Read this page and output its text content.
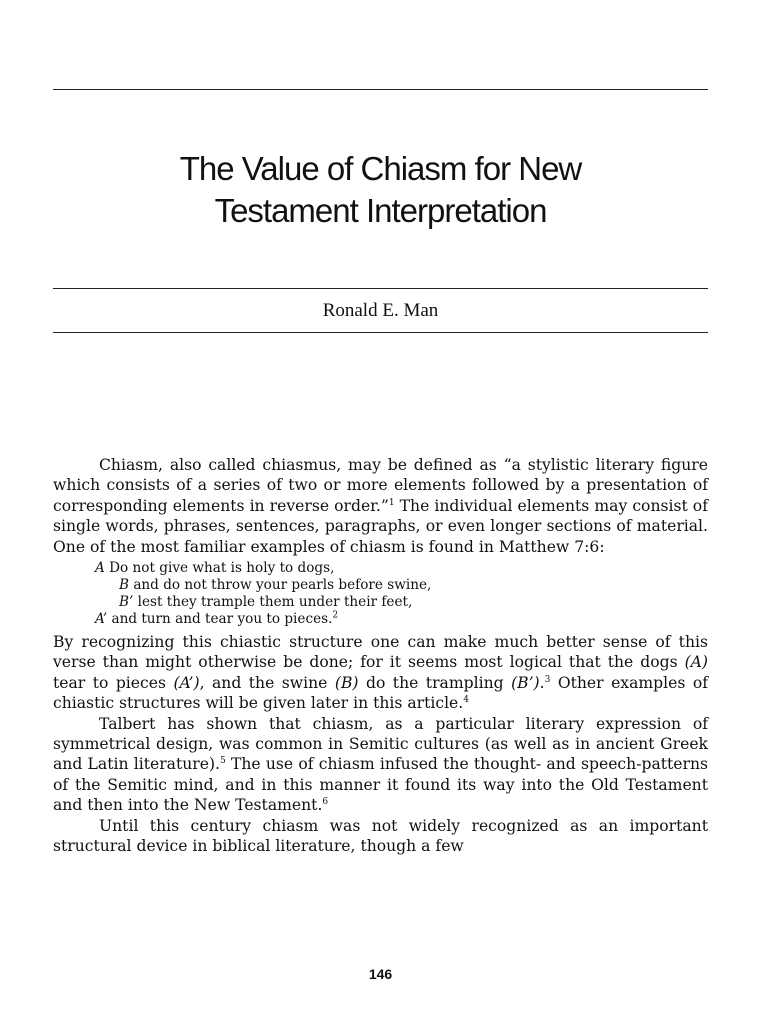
The Value of Chiasm for New
Testament Interpretation
Ronald E. Man

Chiasm, also called chiasmus, may be defined as “a stylistic literary figure which consists of a series of two or more elements followed by a presentation of corresponding elements in reverse order.”$^1$ The individual elements may consist of single words, phrases, sentences, paragraphs, or even longer sections of material. One of the most familiar examples of chiasm is found in Matthew 7:6:

A Do not give what is holy to dogs,
B and do not throw your pearls before swine,
B’ lest they trample them under their feet,
A’ and turn and tear you to pieces.$^2$

By recognizing this chiastic structure one can make much better sense of this verse than might otherwise be done; for it seems most logical that the dogs (A) tear to pieces (A’), and the swine (B) do the trampling (B’).$^3$ Other examples of chiastic structures will be given later in this article.$^4$

Talbert has shown that chiasm, as a particular literary expression of symmetrical design, was common in Semitic cultures (as well as in ancient Greek and Latin literature).$^5$ The use of chiasm infused the thought- and speech-patterns of the Semitic mind, and in this manner it found its way into the Old Testament and then into the New Testament.$^6$

Until this century chiasm was not widely recognized as an important structural device in biblical literature, though a few

146
